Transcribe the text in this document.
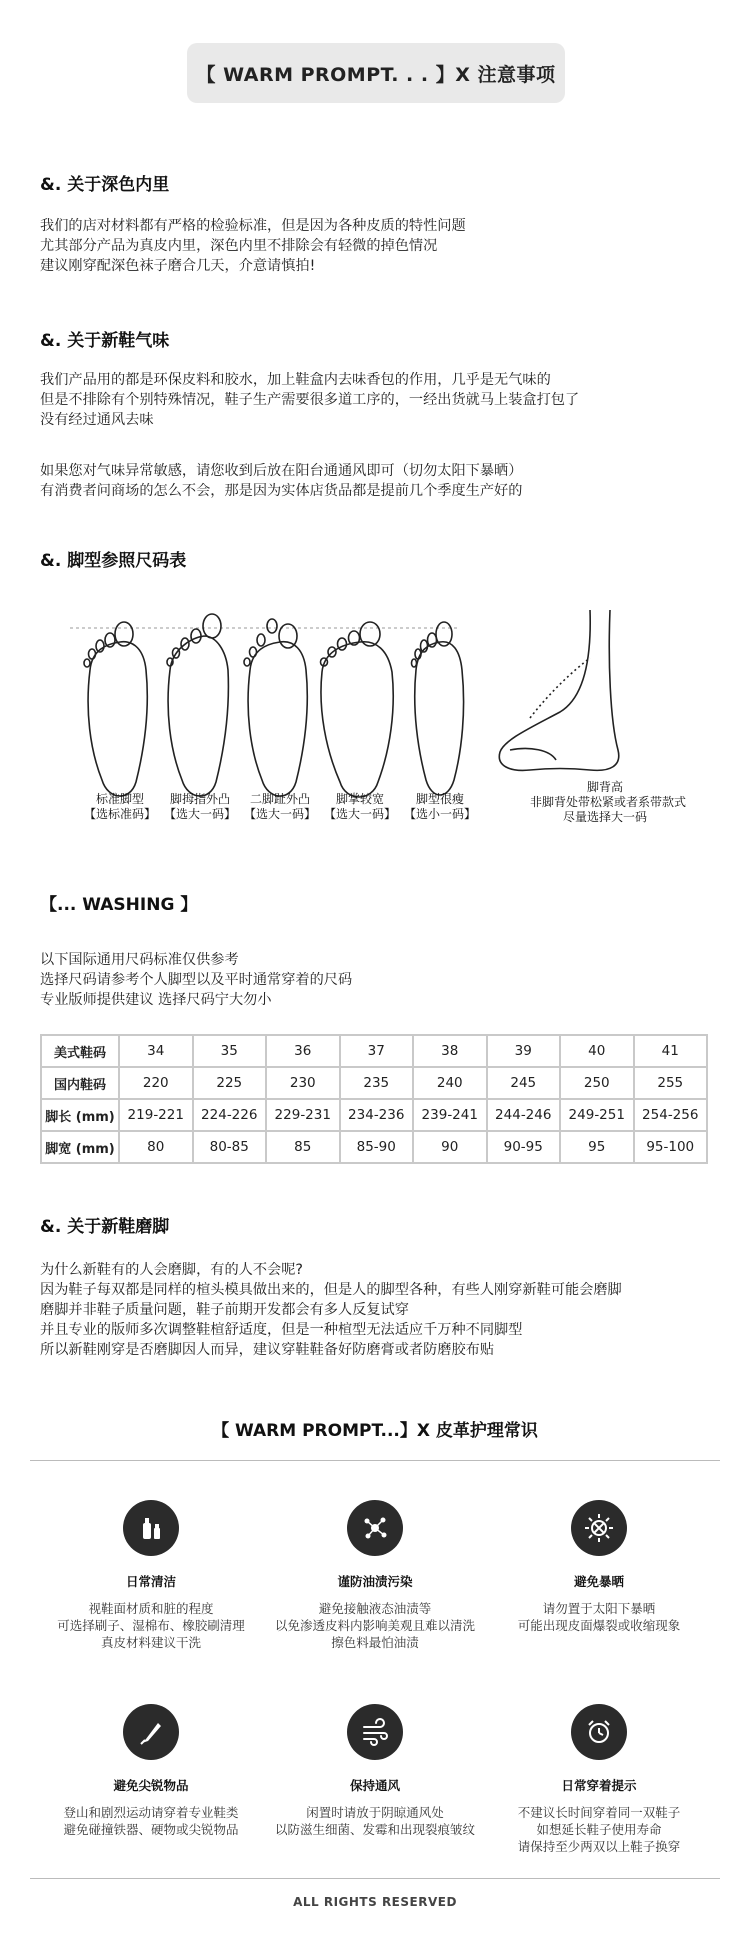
【 WARM PROMPT. . . 】X 注意事项
&. 关于深色内里
我们的店对材料都有严格的检验标准，但是因为各种皮质的特性问题
尤其部分产品为真皮内里，深色内里不排除会有轻微的掉色情况
建议刚穿配深色袜子磨合几天，介意请慎拍!
&. 关于新鞋气味
我们产品用的都是环保皮料和胶水，加上鞋盒内去味香包的作用，几乎是无气味的
但是不排除有个别特殊情况，鞋子生产需要很多道工序的，一经出货就马上装盒打包了
没有经过通风去味
如果您对气味异常敏感，请您收到后放在阳台通通风即可（切勿太阳下暴晒）
有消费者问商场的怎么不会，那是因为实体店货品都是提前几个季度生产好的
&. 脚型参照尺码表
标准脚型
【选标准码】
脚拇指外凸
【选大一码】
二脚趾外凸
【选大一码】
脚掌较宽
【选大一码】
脚型很瘦
【选小一码】
脚背高
非脚背处带松紧或者系带款式
尽量选择大一码
【... WASHING 】
以下国际通用尺码标准仅供参考
选择尺码请参考个人脚型以及平时通常穿着的尺码
专业版师提供建议 选择尺码宁大勿小
美式鞋码	34	35	36	37	38	39	40	41
国内鞋码	220	225	230	235	240	245	250	255
脚长 (mm)	219-221	224-226	229-231	234-236	239-241	244-246	249-251	254-256
脚宽 (mm)	80	80-85	85	85-90	90	90-95	95	95-100
&. 关于新鞋磨脚
为什么新鞋有的人会磨脚，有的人不会呢?
因为鞋子每双都是同样的楦头模具做出来的，但是人的脚型各种，有些人刚穿新鞋可能会磨脚
磨脚并非鞋子质量问题，鞋子前期开发都会有多人反复试穿
并且专业的版师多次调整鞋楦舒适度，但是一种楦型无法适应千万种不同脚型
所以新鞋刚穿是否磨脚因人而异，建议穿鞋鞋备好防磨膏或者防磨胶布贴
【 WARM PROMPT...】X 皮革护理常识
日常清洁
视鞋面材质和脏的程度
可选择刷子、湿棉布、橡胶刷清理
真皮材料建议干洗
谨防油渍污染
避免接触液态油渍等
以免渗透皮料内影响美观且难以清洗
擦色料最怕油渍
避免暴晒
请勿置于太阳下暴晒
可能出现皮面爆裂或收缩现象
避免尖锐物品
登山和剧烈运动请穿着专业鞋类
避免碰撞铁器、硬物或尖锐物品
保持通风
闲置时请放于阴晾通风处
以防滋生细菌、发霉和出现裂痕皱纹
日常穿着提示
不建议长时间穿着同一双鞋子
如想延长鞋子使用寿命
请保持至少两双以上鞋子换穿
ALL RIGHTS RESERVED
